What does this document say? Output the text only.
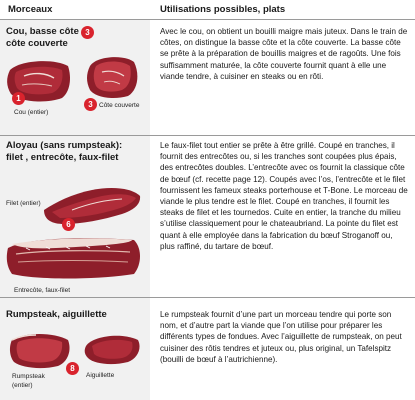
Morceaux	Utilisations possibles, plats
Cou, basse côte
côte couverte
3
1
Cou (entier)
3 Côte couverte

Avec le cou, on obtient un bouilli maigre mais juteux. Dans le train de côtes, on distingue la basse côte et la côte couverte. La basse côte se prête à la préparation de bouillis maigres et de ragoûts. Une fois suffisamment maturée, la côte couverte fournit quant à elle une viande tendre, à cuisiner en steaks ou en rôti.

Aloyau (sans rumpsteak):
filet , entrecôte, faux-filet
Filet (entier)
6
Entrecôte, faux-filet

Le faux-filet tout entier se prête à être grillé. Coupé en tranches, il fournit des entrecôtes ou, si les tranches sont coupées plus épais, des entrecôtes doubles. L’entrecôte avec os fournit la classique côte de bœuf (cf. recette page 12). Coupés avec l’os, l’entrecôte et le filet fournissent les fameux steaks porterhouse et T-Bone. Le morceau de viande le plus tendre est le filet. Coupé en tranches, il fournit les steaks de filet et les tournedos. Cuite en entier, la tranche du milieu s’utilise classiquement pour le chateaubriand. La pointe du filet est quant à elle employée dans la fabrication du bœuf Stroganoff ou, plus raffiné, du tartare de bœuf.

Rumpsteak, aiguillette
8
Rumpsteak (entier)
Aiguillette

Le rumpsteak fournit d’une part un morceau tendre qui porte son nom, et d’autre part la viande que l’on utilise pour préparer les différents types de fondues. Avec l’aiguillette de rumpsteak, on peut cuisiner des rôtis tendres et juteux ou, plus original, un Tafelspitz (bouilli de bœuf à l’autrichienne).
